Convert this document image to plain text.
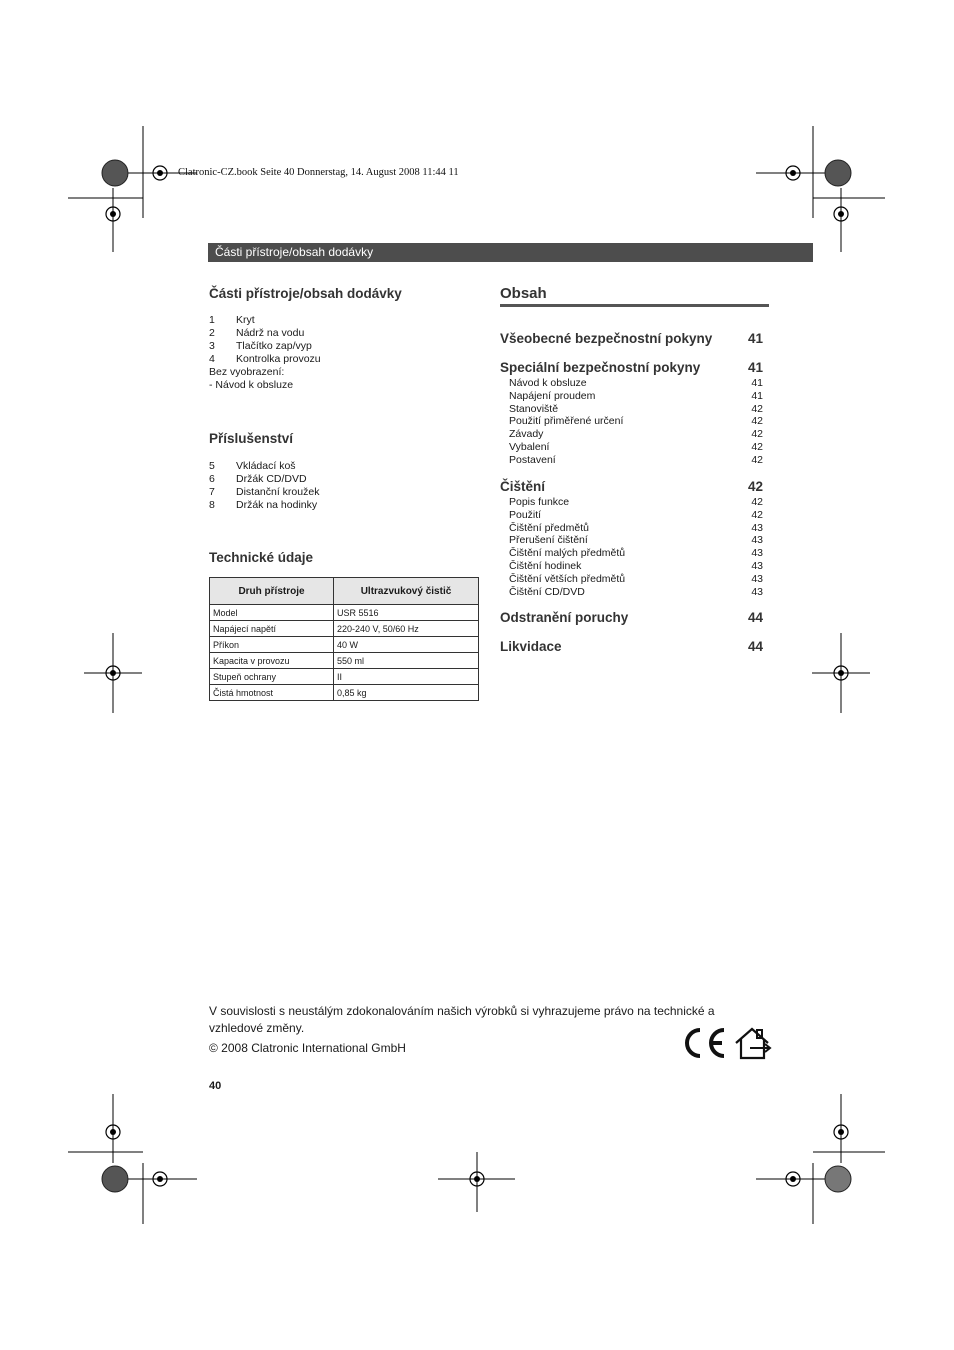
Clatronic-CZ.book Seite 40 Donnerstag, 14. August 2008 11:44 11
Části přístroje/obsah dodávky
Části přístroje/obsah dodávky
1 Kryt
2 Nádrž na vodu
3 Tlačítko zap/vyp
4 Kontrolka provozu
Bez vyobrazení:
- Návod k obsluze
Příslušenství
5 Vkládací koš
6 Držák CD/DVD
7 Distanční kroužek
8 Držák na hodinky
Technické údaje
Druh přístroje	Ultrazvukový čistič
Model	USR 5516
Napájecí napětí	220-240 V, 50/60 Hz
Příkon	40 W
Kapacita v provozu	550 ml
Stupeň ochrany	II
Čistá hmotnost	0,85 kg
Obsah
Všeobecné bezpečnostní pokyny	41
Speciální bezpečnostní pokyny	41
Návod k obsluze	41
Napájení proudem	41
Stanoviště	42
Použití přiměřené určení	42
Závady	42
Vybalení	42
Postavení	42
Čištění	42
Popis funkce	42
Použití	42
Čištění předmětů	43
Přerušení čištění	43
Čištění malých předmětů	43
Čištění hodinek	43
Čištění větších předmětů	43
Čištění CD/DVD	43
Odstranění poruchy	44
Likvidace	44
V souvislosti s neustálým zdokonalováním našich výrobků si vyhrazujeme právo na technické a vzhledové změny.
© 2008 Clatronic International GmbH
40
